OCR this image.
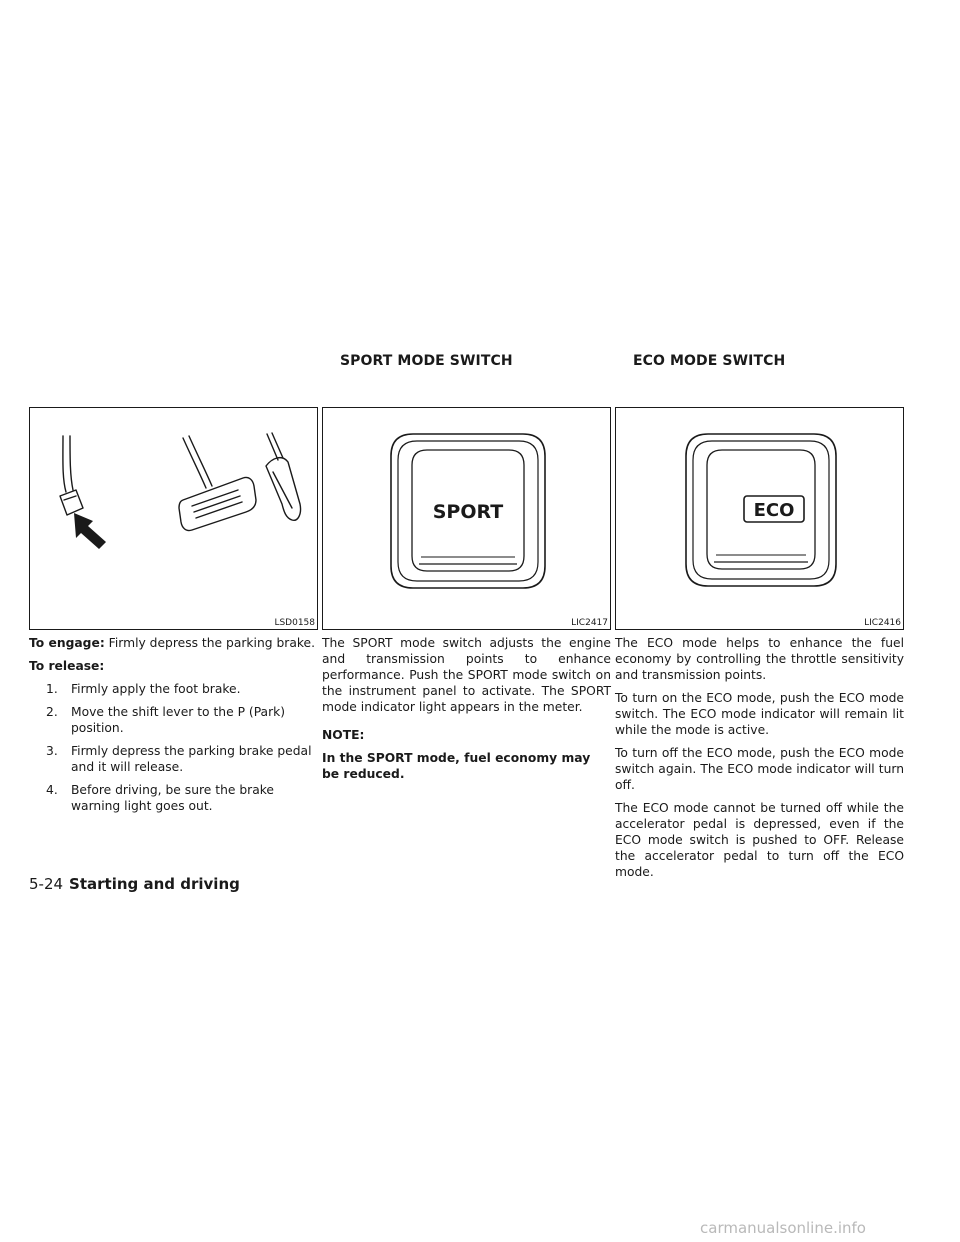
SPORT MODE SWITCH	ECO MODE SWITCH
LSD0158

To engage: Firmly depress the parking brake.

To release:

1. Firmly apply the foot brake.
2. Move the shift lever to the P (Park) position.
3. Firmly depress the parking brake pedal and it will release.
4. Before driving, be sure the brake warning light goes out.
SPORT
LIC2417

The SPORT mode switch adjusts the engine and transmission points to enhance performance. Push the SPORT mode switch on the instrument panel to activate. The SPORT mode indicator light appears in the meter.

NOTE:

In the SPORT mode, fuel economy may be reduced.

ECO
LIC2416

The ECO mode helps to enhance the fuel economy by controlling the throttle sensitivity and transmission points.

To turn on the ECO mode, push the ECO mode switch. The ECO mode indicator will remain lit while the mode is active.

To turn off the ECO mode, push the ECO mode switch again. The ECO mode indicator will turn off.

The ECO mode cannot be turned off while the accelerator pedal is depressed, even if the ECO mode switch is pushed to OFF. Release the accelerator pedal to turn off the ECO mode.

5-24 Starting and driving
carmanualsonline.info
